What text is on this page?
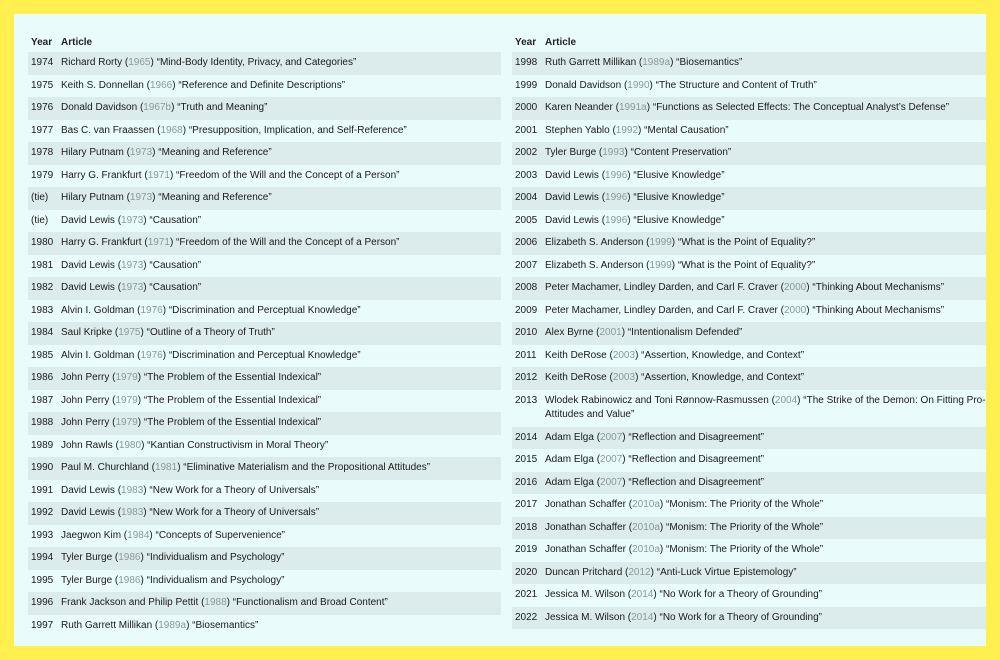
Year	Article
1974	Richard Rorty (1965) “Mind-Body Identity, Privacy, and Categories”
1975	Keith S. Donnellan (1966) “Reference and Definite Descriptions”
1976	Donald Davidson (1967b) “Truth and Meaning”
1977	Bas C. van Fraassen (1968) “Presupposition, Implication, and Self-Reference”
1978	Hilary Putnam (1973) “Meaning and Reference”
1979	Harry G. Frankfurt (1971) “Freedom of the Will and the Concept of a Person”
(tie)	Hilary Putnam (1973) “Meaning and Reference”
(tie)	David Lewis (1973) “Causation”
1980	Harry G. Frankfurt (1971) “Freedom of the Will and the Concept of a Person”
1981	David Lewis (1973) “Causation”
1982	David Lewis (1973) “Causation”
1983	Alvin I. Goldman (1976) “Discrimination and Perceptual Knowledge”
1984	Saul Kripke (1975) “Outline of a Theory of Truth”
1985	Alvin I. Goldman (1976) “Discrimination and Perceptual Knowledge”
1986	John Perry (1979) “The Problem of the Essential Indexical”
1987	John Perry (1979) “The Problem of the Essential Indexical”
1988	John Perry (1979) “The Problem of the Essential Indexical”
1989	John Rawls (1980) “Kantian Constructivism in Moral Theory”
1990	Paul M. Churchland (1981) “Eliminative Materialism and the Propositional Attitudes”
1991	David Lewis (1983) “New Work for a Theory of Universals”
1992	David Lewis (1983) “New Work for a Theory of Universals”
1993	Jaegwon Kim (1984) “Concepts of Supervenience”
1994	Tyler Burge (1986) “Individualism and Psychology”
1995	Tyler Burge (1986) “Individualism and Psychology”
1996	Frank Jackson and Philip Pettit (1988) “Functionalism and Broad Content”
1997	Ruth Garrett Millikan (1989a) “Biosemantics”
Year	Article
1998	Ruth Garrett Millikan (1989a) “Biosemantics”
1999	Donald Davidson (1990) “The Structure and Content of Truth”
2000	Karen Neander (1991a) “Functions as Selected Effects: The Conceptual Analyst’s Defense”
2001	Stephen Yablo (1992) “Mental Causation”
2002	Tyler Burge (1993) “Content Preservation”
2003	David Lewis (1996) “Elusive Knowledge”
2004	David Lewis (1996) “Elusive Knowledge”
2005	David Lewis (1996) “Elusive Knowledge”
2006	Elizabeth S. Anderson (1999) “What is the Point of Equality?”
2007	Elizabeth S. Anderson (1999) “What is the Point of Equality?”
2008	Peter Machamer, Lindley Darden, and Carl F. Craver (2000) “Thinking About Mechanisms”
2009	Peter Machamer, Lindley Darden, and Carl F. Craver (2000) “Thinking About Mechanisms”
2010	Alex Byrne (2001) “Intentionalism Defended”
2011	Keith DeRose (2003) “Assertion, Knowledge, and Context”
2012	Keith DeRose (2003) “Assertion, Knowledge, and Context”
2013	Wlodek Rabinowicz and Toni Rønnow-Rasmussen (2004) “The Strike of the Demon: On Fitting Pro-Attitudes and Value”
2014	Adam Elga (2007) “Reflection and Disagreement”
2015	Adam Elga (2007) “Reflection and Disagreement”
2016	Adam Elga (2007) “Reflection and Disagreement”
2017	Jonathan Schaffer (2010a) “Monism: The Priority of the Whole”
2018	Jonathan Schaffer (2010a) “Monism: The Priority of the Whole”
2019	Jonathan Schaffer (2010a) “Monism: The Priority of the Whole”
2020	Duncan Pritchard (2012) “Anti-Luck Virtue Epistemology”
2021	Jessica M. Wilson (2014) “No Work for a Theory of Grounding”
2022	Jessica M. Wilson (2014) “No Work for a Theory of Grounding”
